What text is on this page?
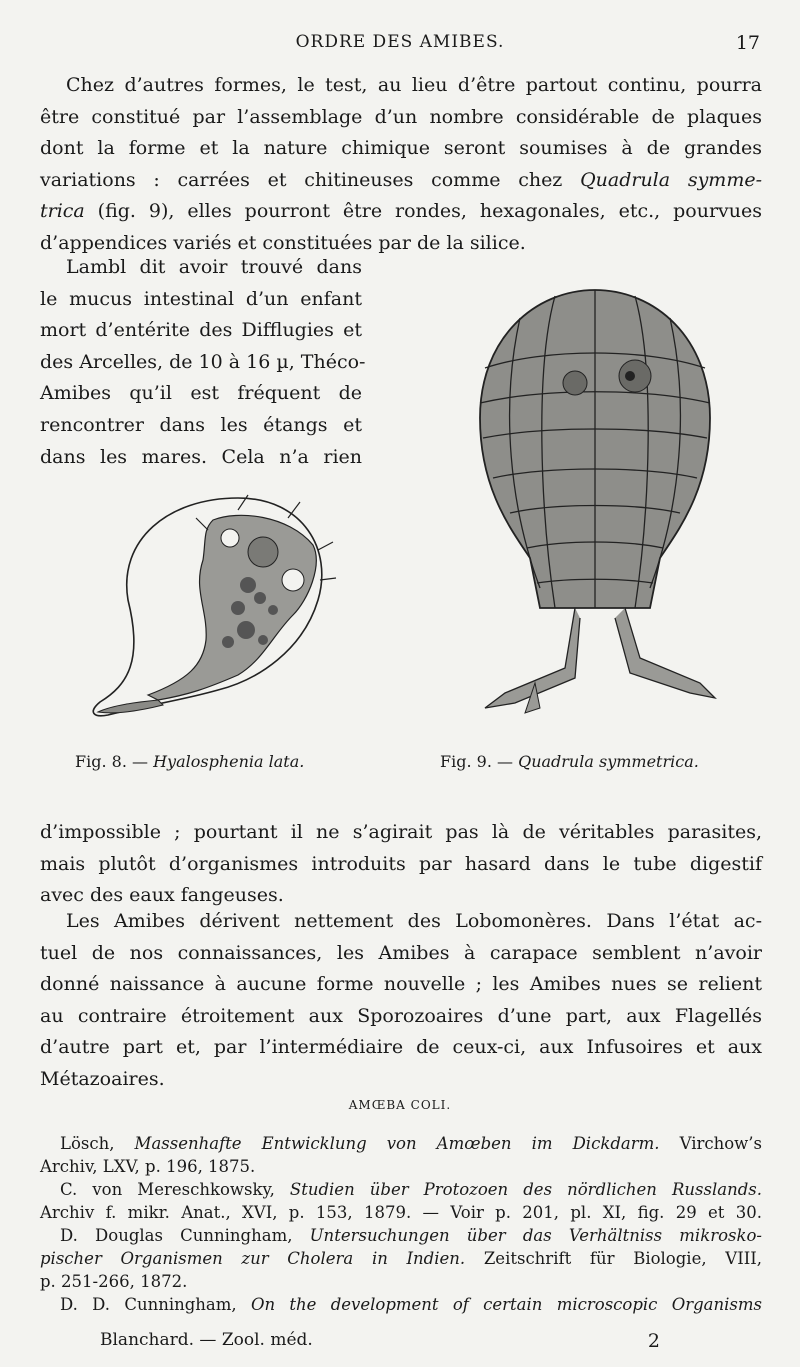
ORDRE DES AMIBES.	17
Chez d’autres formes, le test, au lieu d’être partout continu, pourra
être constitué par l’assemblage d’un nombre considérable de plaques
dont la forme et la nature chimique seront soumises à de grandes
variations : carrées et chitineuses comme chez Quadrula symme-
trica (fig. 9), elles pourront être rondes, hexagonales, etc., pourvues
d’appendices variés et constituées par de la silice.
Lambl dit avoir trouvé dans
le mucus intestinal d’un enfant
mort d’entérite des Difflugies et
des Arcelles, de 10 à 16 µ, Théco-
Amibes qu’il est fréquent de
rencontrer dans les étangs et
dans les mares. Cela n’a rien
Fig. 8. — Hyalosphenia lata.	Fig. 9. — Quadrula symmetrica.
d’impossible ; pourtant il ne s’agirait pas là de véritables parasites,
mais plutôt d’organismes introduits par hasard dans le tube digestif
avec des eaux fangeuses.
Les Amibes dérivent nettement des Lobomonères. Dans l’état ac-
tuel de nos connaissances, les Amibes à carapace semblent n’avoir
donné naissance à aucune forme nouvelle ; les Amibes nues se relient
au contraire étroitement aux Sporozoaires d’une part, aux Flagellés
d’autre part et, par l’intermédiaire de ceux-ci, aux Infusoires et aux
Métazoaires.
AMŒBA COLI.
Lösch, Massenhafte Entwicklung von Amœben im Dickdarm. Virchow’s
Archiv, LXV, p. 196, 1875.
C. von Mereschkowsky, Studien über Protozoen des nördlichen Russlands.
Archiv f. mikr. Anat., XVI, p. 153, 1879. — Voir p. 201, pl. XI, fig. 29 et 30.
D. Douglas Cunningham, Untersuchungen über das Verhältniss mikrosko-
pischer Organismen zur Cholera in Indien. Zeitschrift für Biologie, VIII,
p. 251-266, 1872.
D. D. Cunningham, On the development of certain microscopic Organisms
Blanchard. — Zool. méd.	2
